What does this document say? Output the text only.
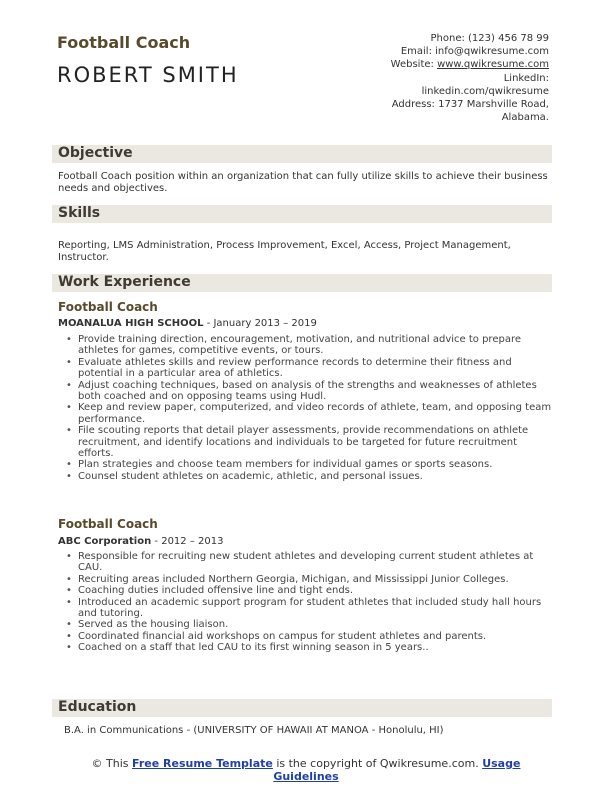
Football Coach
ROBERT SMITH
Phone: (123) 456 78 99
Email: info@qwikresume.com
Website: www.qwikresume.com
LinkedIn:
linkedin.com/qwikresume
Address: 1737 Marshville Road,
Alabama.
Objective
Football Coach position within an organization that can fully utilize skills to achieve their business needs and objectives.
Skills
Reporting, LMS Administration, Process Improvement, Excel, Access, Project Management, Instructor.
Work Experience
Football Coach
MOANALUA HIGH SCHOOL - January 2013 – 2019
• Provide training direction, encouragement, motivation, and nutritional advice to prepare athletes for games, competitive events, or tours.
• Evaluate athletes skills and review performance records to determine their fitness and potential in a particular area of athletics.
• Adjust coaching techniques, based on analysis of the strengths and weaknesses of athletes both coached and on opposing teams using Hudl.
• Keep and review paper, computerized, and video records of athlete, team, and opposing team performance.
• File scouting reports that detail player assessments, provide recommendations on athlete recruitment, and identify locations and individuals to be targeted for future recruitment efforts.
• Plan strategies and choose team members for individual games or sports seasons.
• Counsel student athletes on academic, athletic, and personal issues.
Football Coach
ABC Corporation - 2012 – 2013
• Responsible for recruiting new student athletes and developing current student athletes at CAU.
• Recruiting areas included Northern Georgia, Michigan, and Mississippi Junior Colleges.
• Coaching duties included offensive line and tight ends.
• Introduced an academic support program for student athletes that included study hall hours and tutoring.
• Served as the housing liaison.
• Coordinated financial aid workshops on campus for student athletes and parents.
• Coached on a staff that led CAU to its first winning season in 5 years..
Education
B.A. in Communications - (UNIVERSITY OF HAWAII AT MANOA - Honolulu, HI)
© This Free Resume Template is the copyright of Qwikresume.com. Usage
Guidelines
